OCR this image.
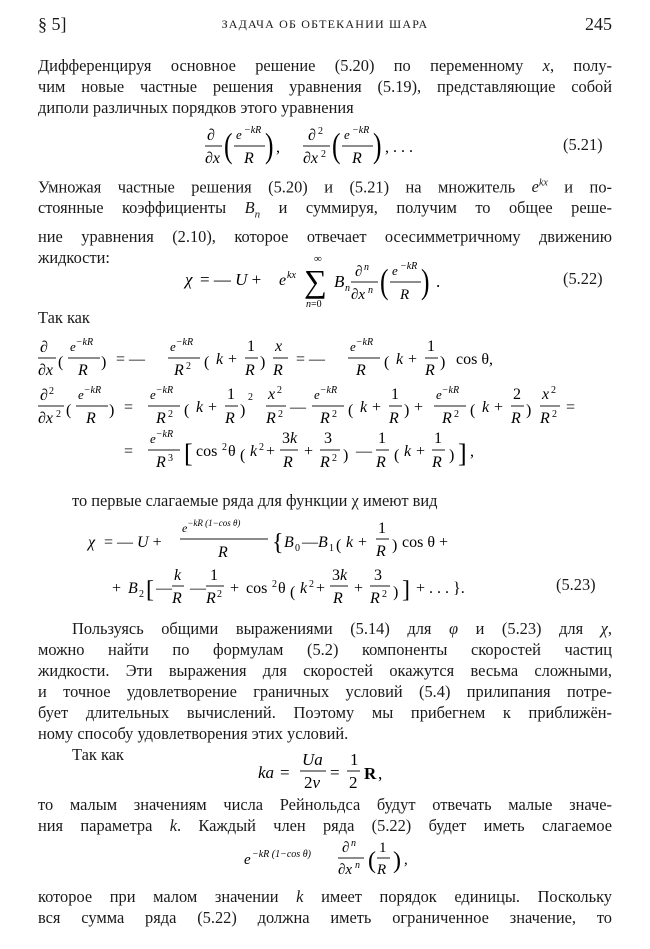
§ 5]	ЗАДАЧА ОБ ОБТЕКАНИИ ШАРА	245
Дифференцируя основное решение (5.20) по переменному x, полу-
чим новые частные решения уравнения (5.19), представляющие собой
диполи различных порядков этого уравнения
∂
∂x ( e −kR
R ) ,
∂ 2
∂x 2 ( e −kR
R ) , . . .	(5.21)
Умножая частные решения (5.20) и (5.21) на множитель $e^{kx}$ и по-
стоянные коэффициенты $B_n$ и суммируя, получим то общее реше-
ние уравнения (2.10), которое отвечает осесимметричному движению
жидкости:
χ = — U + e kx
∞
∑
n=0
B n
∂ n
∂x n ( e −kR
R ) .	(5.22)
Так как
∂
∂x (
$e^{-kR}$
R ) = —
$e^{-kR}$
R 2 ( k +
1
R )
x
R
= —
$e^{-kR}$
R ( k +
1
R ) cos θ,
∂ 2
∂x 2 (
$e^{-kR}$
R ) =
$e^{-kR}$
R 2 ( k +
1
R )
2 x 2
R 2 —
$e^{-kR}$
R 2 ( k +
1
R ) +
$e^{-kR}$
R 2 ( k +
2
R )
x 2
R 2 =
=
$e^{-kR}$
R 3 [ cos 2 θ ( k 2 +
3k
R
+
3
R 2 ) —
1
R ( k +
1
R ) ] ,
то первые слагаемые ряда для функции χ имеют вид
χ = — U +
$e^{-kR (1-cos \theta)}$
R { B 0 — B 1 ( k +
1
R ) cos θ +
+ B 2 [ —
k
R
—
1
R 2 + cos 2 θ ( k 2 +
3k
R
+
3
R 2 ) ] + . . . }.	(5.23)
Пользуясь общими выражениями (5.14) для φ и (5.23) для χ,
можно найти по формулам (5.2) компоненты скоростей частиц
жидкости. Эти выражения для скоростей окажутся весьма сложными,
и точное удовлетворение граничных условий (5.4) прилипания потре-
бует длительных вычислений. Поэтому мы прибегнем к приближён-
ному способу удовлетворения этих условий.
Так как
ka =
Ua
2ν
=
1
2 R ,
то малым значениям числа Рейнольдса будут отвечать малые значе-
ния параметра k. Каждый член ряда (5.22) будет иметь слагаемое
e −kR (1−cos θ) ∂ n
∂x n ( 1
R ) ,
которое при малом значении k имеет порядок единицы. Поскольку
вся сумма ряда (5.22) должна иметь ограниченное значение, то
